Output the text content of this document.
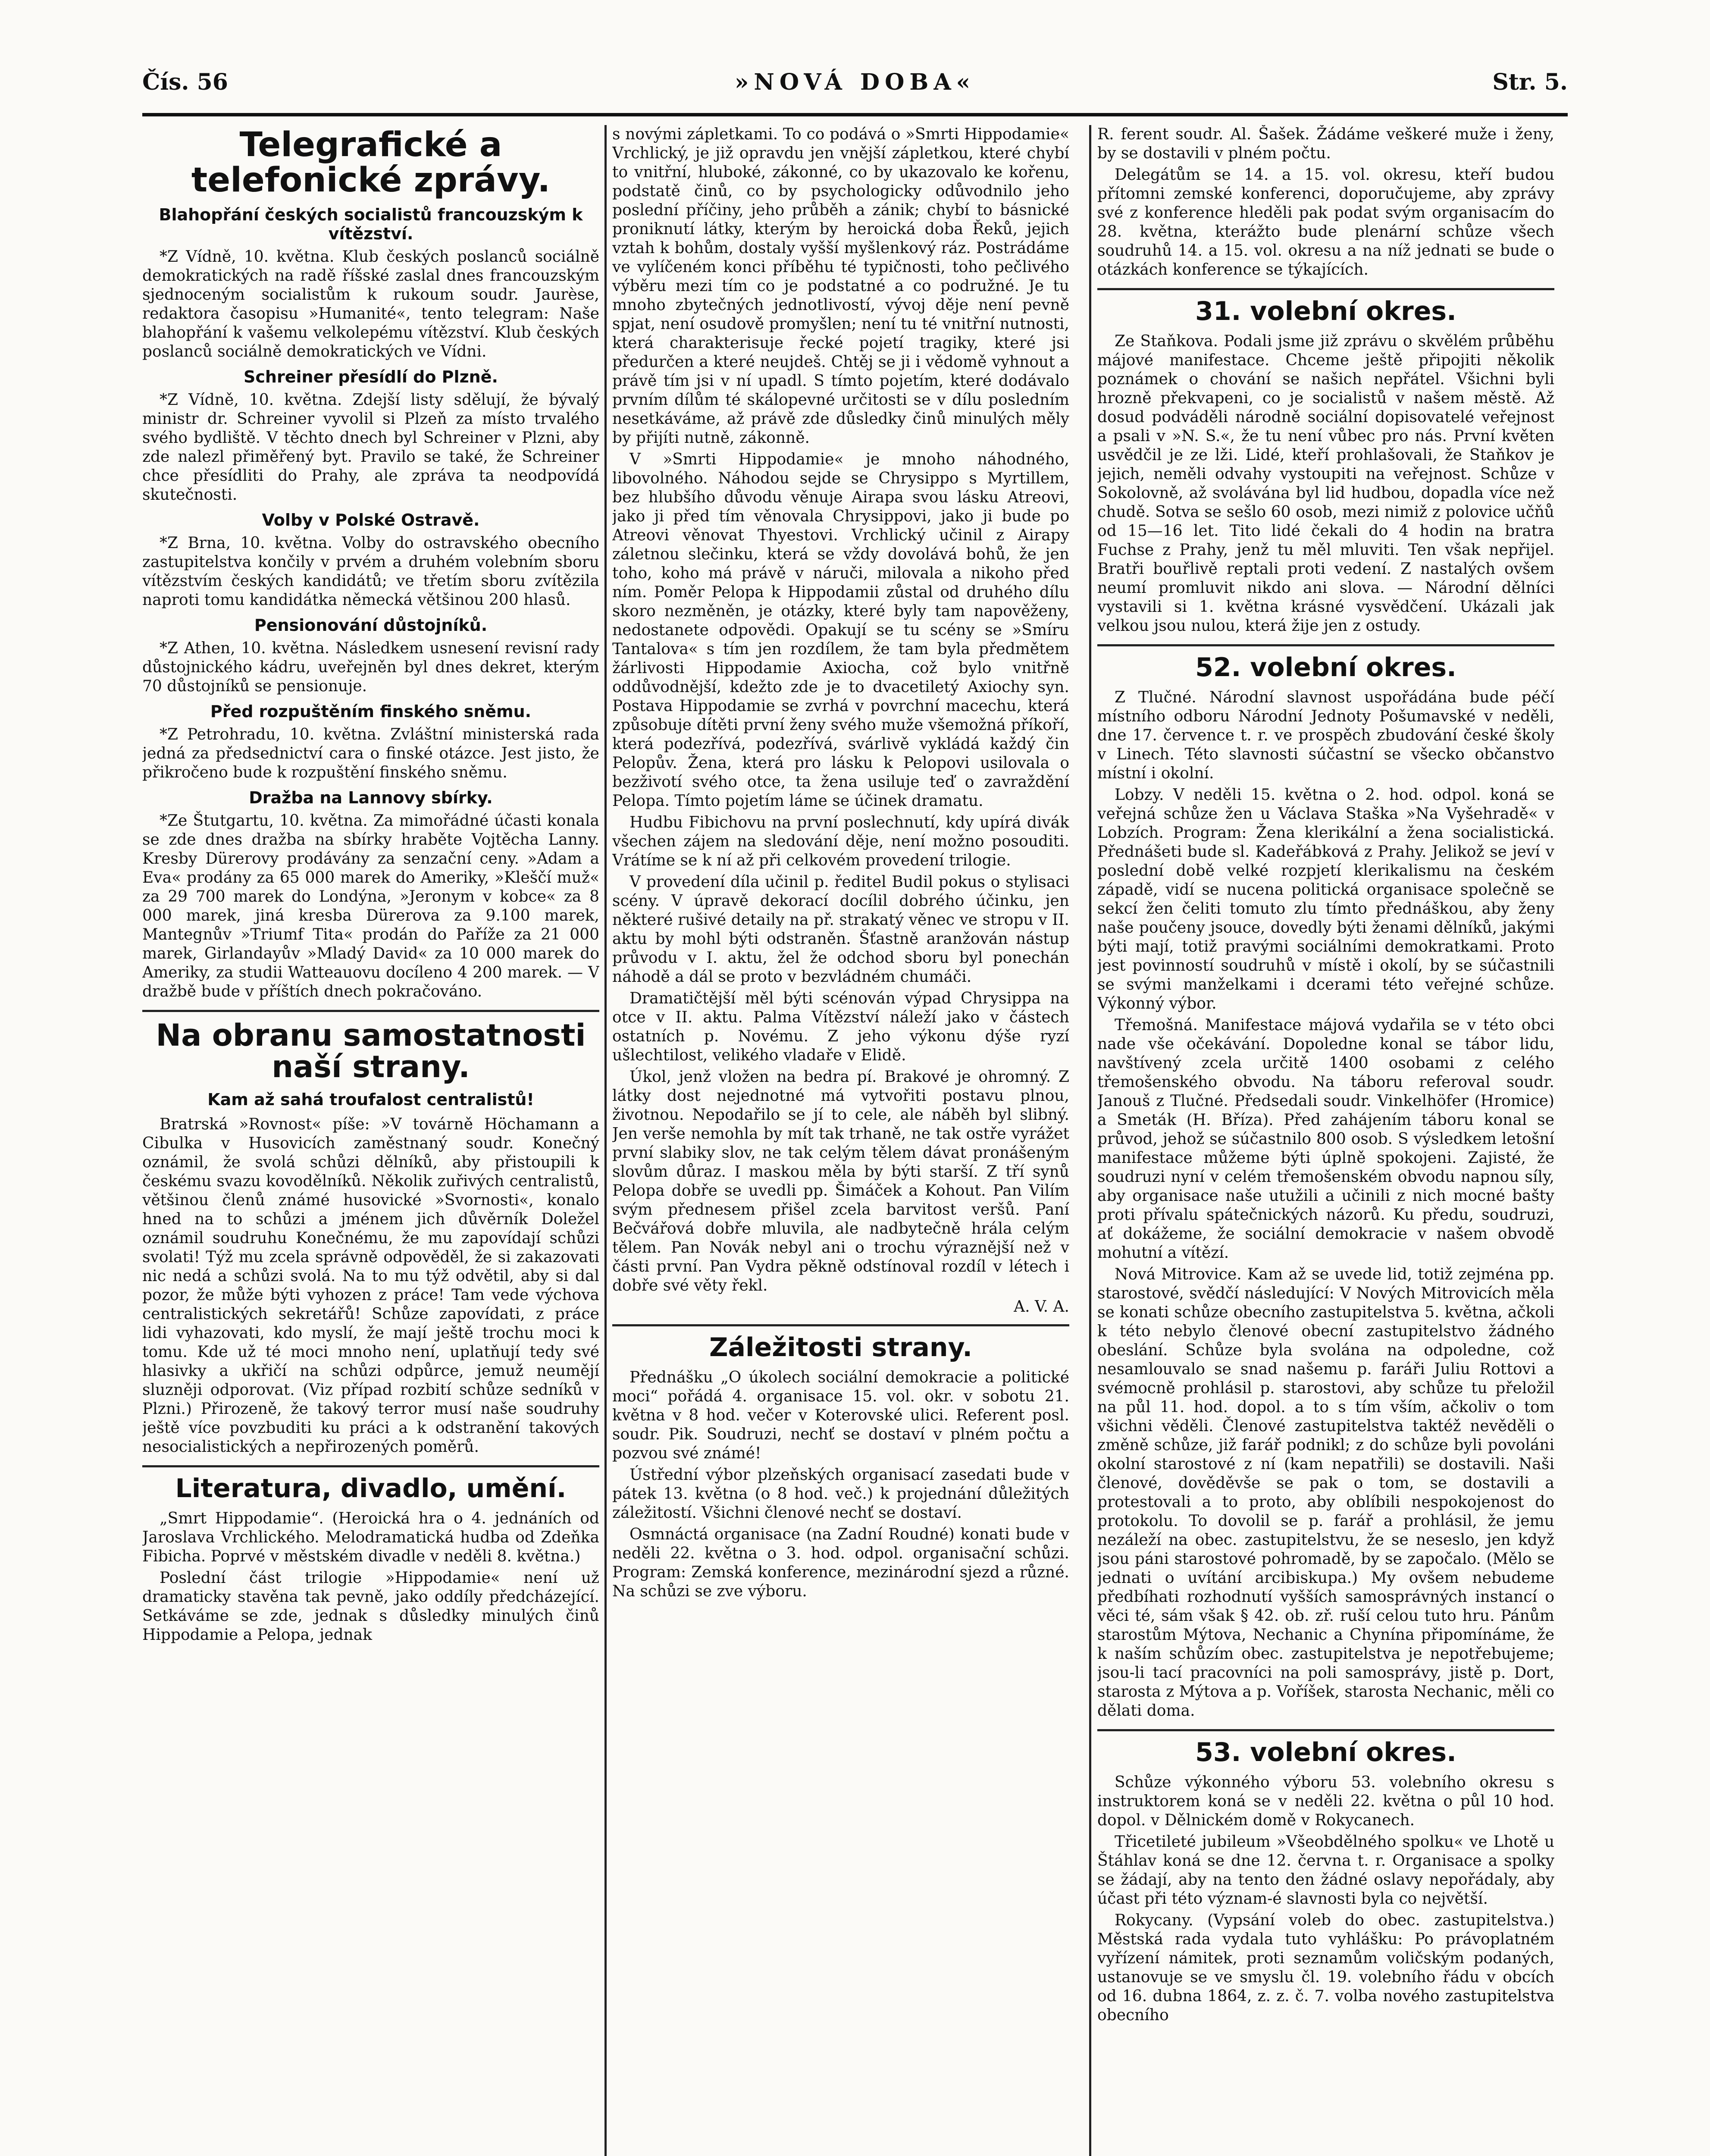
Čís. 56	»NOVÁ DOBA«	Str. 5.
Telegrafické a telefonické zprávy.
Blahopřání českých socialistů francouzským k vítězství.

*Z Vídně, 10. května. Klub českých poslanců sociálně demokratických na radě říšské zaslal dnes francouzským sjednoceným socialistům k rukoum soudr. Jaurèse, redaktora časopisu »Humanité«, tento telegram: Naše blahopřání k vašemu velkolepému vítězství. Klub českých poslanců sociálně demokratických ve Vídni.

Schreiner přesídlí do Plzně.

*Z Vídně, 10. května. Zdejší listy sdělují, že bývalý ministr dr. Schreiner vyvolil si Plzeň za místo trvalého svého bydliště. V těchto dnech byl Schreiner v Plzni, aby zde nalezl přiměřený byt. Pravilo se také, že Schreiner chce přesídliti do Prahy, ale zpráva ta neodpovídá skutečnosti.

Volby v Polské Ostravě.

*Z Brna, 10. května. Volby do ostravského obecního zastupitelstva končily v prvém a druhém volebním sboru vítězstvím českých kandidátů; ve třetím sboru zvítězila naproti tomu kandidátka německá většinou 200 hlasů.

Pensionování důstojníků.

*Z Athen, 10. května. Následkem usnesení revisní rady důstojnického kádru, uveřejněn byl dnes dekret, kterým 70 důstojníků se pensionuje.

Před rozpuštěním finského sněmu.

*Z Petrohradu, 10. května. Zvláštní ministerská rada jedná za předsednictví cara o finské otázce. Jest jisto, že přikročeno bude k rozpuštění finského sněmu.

Dražba na Lannovy sbírky.

*Ze Štutgartu, 10. května. Za mimořádné účasti konala se zde dnes dražba na sbírky hraběte Vojtěcha Lanny. Kresby Dürerovy prodávány za senzační ceny. »Adam a Eva« prodány za 65 000 marek do Ameriky, »Kleščí muž« za 29 700 marek do Londýna, »Jeronym v kobce« za 8 000 marek, jiná kresba Dürerova za 9.100 marek, Mantegnův »Triumf Tita« prodán do Paříže za 21 000 marek, Girlandayův »Mladý David« za 10 000 marek do Ameriky, za studii Watteauovu docíleno 4 200 marek. — V dražbě bude v příštích dnech pokračováno.

Na obranu samostatnosti naší strany.
Kam až sahá troufalost centralistů!

Bratrská »Rovnost« píše: »V továrně Höchamann a Cibulka v Husovicích zaměstnaný soudr. Konečný oznámil, že svolá schůzi dělníků, aby přistoupili k českému svazu kovodělníků. Několik zuřivých centralistů, většinou členů známé husovické »Svornosti«, konalo hned na to schůzi a jménem jich důvěrník Doležel oznámil soudruhu Konečnému, že mu zapovídají schůzi svolati! Týž mu zcela správně odpověděl, že si zakazovati nic nedá a schůzi svolá. Na to mu týž odvětil, aby si dal pozor, že může býti vyhozen z práce! Tam vede výchova centralistických sekretářů! Schůze zapovídati, z práce lidi vyhazovati, kdo myslí, že mají ještě trochu moci k tomu. Kde už té moci mnoho není, uplatňují tedy své hlasivky a ukřičí na schůzi odpůrce, jemuž neumějí sluzněji odporovat. (Viz případ rozbití schůze sedníků v Plzni.) Přirozeně, že takový terror musí naše soudruhy ještě více povzbuditi ku práci a k odstranění takových nesocialistických a nepřirozených poměrů.

Literatura, divadlo, umění.

„Smrt Hippodamie“. (Heroická hra o 4. jednáních od Jaroslava Vrchlického. Melodramatická hudba od Zdeňka Fibicha. Poprvé v městském divadle v neděli 8. května.)

Poslední část trilogie »Hippodamie« není už dramaticky stavěna tak pevně, jako oddíly předcházející. Setkáváme se zde, jednak s důsledky minulých činů Hippodamie a Pelopa, jednak

s novými zápletkami. To co podává o »Smrti Hippodamie« Vrchlický, je již opravdu jen vnější zápletkou, které chybí to vnitřní, hluboké, zákonné, co by ukazovalo ke kořenu, podstatě činů, co by psychologicky odůvodnilo jeho poslední příčiny, jeho průběh a zánik; chybí to básnické proniknutí látky, kterým by heroická doba Řeků, jejich vztah k bohům, dostaly vyšší myšlenkový ráz. Postrádáme ve vylíčeném konci příběhu té typičnosti, toho pečlivého výběru mezi tím co je podstatné a co podružné. Je tu mnoho zbytečných jednotlivostí, vývoj děje není pevně spjat, není osudově promyšlen; není tu té vnitřní nutnosti, která charakterisuje řecké pojetí tragiky, které jsi předurčen a které neujdeš. Chtěj se ji i vědomě vyhnout a právě tím jsi v ní upadl. S tímto pojetím, které dodávalo prvním dílům té skálopevné určitosti se v dílu posledním nesetkáváme, až právě zde důsledky činů minulých měly by přijíti nutně, zákonně.

V »Smrti Hippodamie« je mnoho náhodného, libovolného. Náhodou sejde se Chrysippo s Myrtillem, bez hlubšího důvodu věnuje Airapa svou lásku Atreovi, jako ji před tím věnovala Chrysippovi, jako ji bude po Atreovi věnovat Thyestovi. Vrchlický učinil z Airapy záletnou slečinku, která se vždy dovolává bohů, že jen toho, koho má právě v náruči, milovala a nikoho před ním. Poměr Pelopa k Hippodamii zůstal od druhého dílu skoro nezměněn, je otázky, které byly tam napověženy, nedostanete odpovědi. Opakují se tu scény se »Smíru Tantalova« s tím jen rozdílem, že tam byla předmětem žárlivosti Hippodamie Axiocha, což bylo vnitřně oddůvodnější, kdežto zde je to dvacetiletý Axiochy syn. Postava Hippodamie se zvrhá v povrchní macechu, která způsobuje dítěti první ženy svého muže všemožná příkoří, která podezřívá, podezřívá, svárlivě vykládá každý čin Pelopův. Žena, která pro lásku k Pelopovi usilovala o bezživotí svého otce, ta žena usiluje teď o zavraždění Pelopa. Tímto pojetím láme se účinek dramatu.

Hudbu Fibichovu na první poslechnutí, kdy upírá divák všechen zájem na sledování děje, není možno posouditi. Vrátíme se k ní až při celkovém provedení trilogie.

V provedení díla učinil p. ředitel Budil pokus o stylisaci scény. V úpravě dekorací docílil dobrého účinku, jen některé rušivé detaily na př. strakatý věnec ve stropu v II. aktu by mohl býti odstraněn. Šťastně aranžován nástup průvodu v I. aktu, žel že odchod sboru byl ponechán náhodě a dál se proto v bezvládném chumáči.

Dramatičtější měl býti scénován výpad Chrysippa na otce v II. aktu. Palma Vítězství náleží jako v částech ostatních p. Novému. Z jeho výkonu dýše ryzí ušlechtilost, velikého vladaře v Elidě.

Úkol, jenž vložen na bedra pí. Brakové je ohromný. Z látky dost nejednotné má vytvořiti postavu plnou, životnou. Nepodařilo se jí to cele, ale náběh byl slibný. Jen verše nemohla by mít tak trhaně, ne tak ostře vyrážet první slabiky slov, ne tak celým tělem dávat pronášeným slovům důraz. I maskou měla by býti starší. Z tří synů Pelopa dobře se uvedli pp. Šimáček a Kohout. Pan Vilím svým přednesem přišel zcela barvitost veršů. Paní Bečvářová dobře mluvila, ale nadbytečně hrála celým tělem. Pan Novák nebyl ani o trochu výraznější než v části první. Pan Vydra pěkně odstínoval rozdíl v létech i dobře své věty řekl.

A. V. A.
Záležitosti strany.

Přednášku „O úkolech sociální demokracie a politické moci“ pořádá 4. organisace 15. vol. okr. v sobotu 21. května v 8 hod. večer v Koterovské ulici. Referent posl. soudr. Pik. Soudruzi, nechť se dostaví v plném počtu a pozvou své známé!

Ústřední výbor plzeňských organisací zasedati bude v pátek 13. května (o 8 hod. več.) k projednání důležitých záležitostí. Všichni členové nechť se dostaví.

Osmnáctá organisace (na Zadní Roudné) konati bude v neděli 22. května o 3. hod. odpol. organisační schůzi. Program: Zemská konference, mezinárodní sjezd a různé. Na schůzi se zve výboru.

R. ferent soudr. Al. Šašek. Žádáme veškeré muže i ženy, by se dostavili v plném počtu.

Delegátům se 14. a 15. vol. okresu, kteří budou přítomni zemské konferenci, doporučujeme, aby zprávy své z konference hleděli pak podat svým organisacím do 28. května, kterážto bude plenární schůze všech soudruhů 14. a 15. vol. okresu a na níž jednati se bude o otázkách konference se týkajících.

31. volební okres.

Ze Staňkova. Podali jsme již zprávu o skvělém průběhu májové manifestace. Chceme ještě připojiti několik poznámek o chování se našich nepřátel. Všichni byli hrozně překvapeni, co je socialistů v našem městě. Až dosud podváděli národně sociální dopisovatelé veřejnost a psali v »N. S.«, že tu není vůbec pro nás. První květen usvědčil je ze lži. Lidé, kteří prohlašovali, že Staňkov je jejich, neměli odvahy vystoupiti na veřejnost. Schůze v Sokolovně, až svolávána byl lid hudbou, dopadla více než chudě. Sotva se sešlo 60 osob, mezi nimiž z polovice učňů od 15—16 let. Tito lidé čekali do 4 hodin na bratra Fuchse z Prahy, jenž tu měl mluviti. Ten však nepřijel. Bratři bouřlivě reptali proti vedení. Z nastalých ovšem neumí promluvit nikdo ani slova. — Národní dělníci vystavili si 1. května krásné vysvědčení. Ukázali jak velkou jsou nulou, která žije jen z ostudy.

52. volební okres.

Z Tlučné. Národní slavnost uspořádána bude péčí místního odboru Národní Jednoty Pošumavské v neděli, dne 17. července t. r. ve prospěch zbudování české školy v Linech. Této slavnosti súčastní se všecko občanstvo místní i okolní.

Lobzy. V neděli 15. května o 2. hod. odpol. koná se veřejná schůze žen u Václava Staška »Na Vyšehradě« v Lobzích. Program: Žena klerikální a žena socialistická. Přednášeti bude sl. Kadeřábková z Prahy. Jelikož se jeví v poslední době velké rozpjetí klerikalismu na českém západě, vidí se nucena politická organisace společně se sekcí žen čeliti tomuto zlu tímto přednáškou, aby ženy naše poučeny jsouce, dovedly býti ženami dělníků, jakými býti mají, totiž pravými sociálními demokratkami. Proto jest povinností soudruhů v místě i okolí, by se súčastnili se svými manželkami i dcerami této veřejné schůze. Výkonný výbor.

Třemošná. Manifestace májová vydařila se v této obci nade vše očekávání. Dopoledne konal se tábor lidu, navštívený zcela určitě 1400 osobami z celého třemošenského obvodu. Na táboru referoval soudr. Janouš z Tlučné. Předsedali soudr. Vinkelhöfer (Hromice) a Smeták (H. Bříza). Před zahájením táboru konal se průvod, jehož se súčastnilo 800 osob. S výsledkem letošní manifestace můžeme býti úplně spokojeni. Zajisté, že soudruzi nyní v celém třemošenském obvodu napnou síly, aby organisace naše utužili a učinili z nich mocné bašty proti přívalu spátečnických názorů. Ku předu, soudruzi, ať dokážeme, že sociální demokracie v našem obvodě mohutní a vítězí.

Nová Mitrovice. Kam až se uvede lid, totiž zejména pp. starostové, svědčí následující: V Nových Mitrovicích měla se konati schůze obecního zastupitelstva 5. května, ačkoli k této nebylo členové obecní zastupitelstvo žádného obeslání. Schůze byla svolána na odpoledne, což nesamlouvalo se snad našemu p. faráři Juliu Rottovi a svémocně prohlásil p. starostovi, aby schůze tu přeložil na půl 11. hod. dopol. a to s tím vším, ačkoliv o tom všichni věděli. Členové zastupitelstva taktéž nevěděli o změně schůze, již farář podnikl; z do schůze byli povoláni okolní starostové z ní (kam nepatřili) se dostavili. Naši členové, dověděvše se pak o tom, se dostavili a protestovali a to proto, aby oblíbili nespokojenost do protokolu. To dovolil se p. farář a prohlásil, že jemu nezáleží na obec. zastupitelstvu, že se neseslo, jen když jsou páni starostové pohromadě, by se započalo. (Mělo se jednati o uvítání arcibiskupa.) My ovšem nebudeme předbíhati rozhodnutí vyšších samosprávných instancí o věci té, sám však § 42. ob. zř. ruší celou tuto hru. Pánům starostům Mýtova, Nechanic a Chynína připomínáme, že k naším schůzím obec. zastupitelstva je nepotřebujeme; jsou-li tací pracovníci na poli samosprávy, jistě p. Dort, starosta z Mýtova a p. Voříšek, starosta Nechanic, měli co dělati doma.

53. volební okres.

Schůze výkonného výboru 53. volebního okresu s instruktorem koná se v neděli 22. května o půl 10 hod. dopol. v Dělnickém domě v Rokycanech.

Třicetileté jubileum »Všeobdělného spolku« ve Lhotě u Štáhlav koná se dne 12. června t. r. Organisace a spolky se žádají, aby na tento den žádné oslavy nepořádaly, aby účast při této význam‑é slavnosti byla co největší.

Rokycany. (Vypsání voleb do obec. zastupitelstva.) Městská rada vydala tuto vyhlášku: Po právoplatném vyřízení námitek, proti seznamům voličským podaných, ustanovuje se ve smyslu čl. 19. volebního řádu v obcích od 16. dubna 1864, z. z. č. 7. volba nového zastupitelstva obecního
